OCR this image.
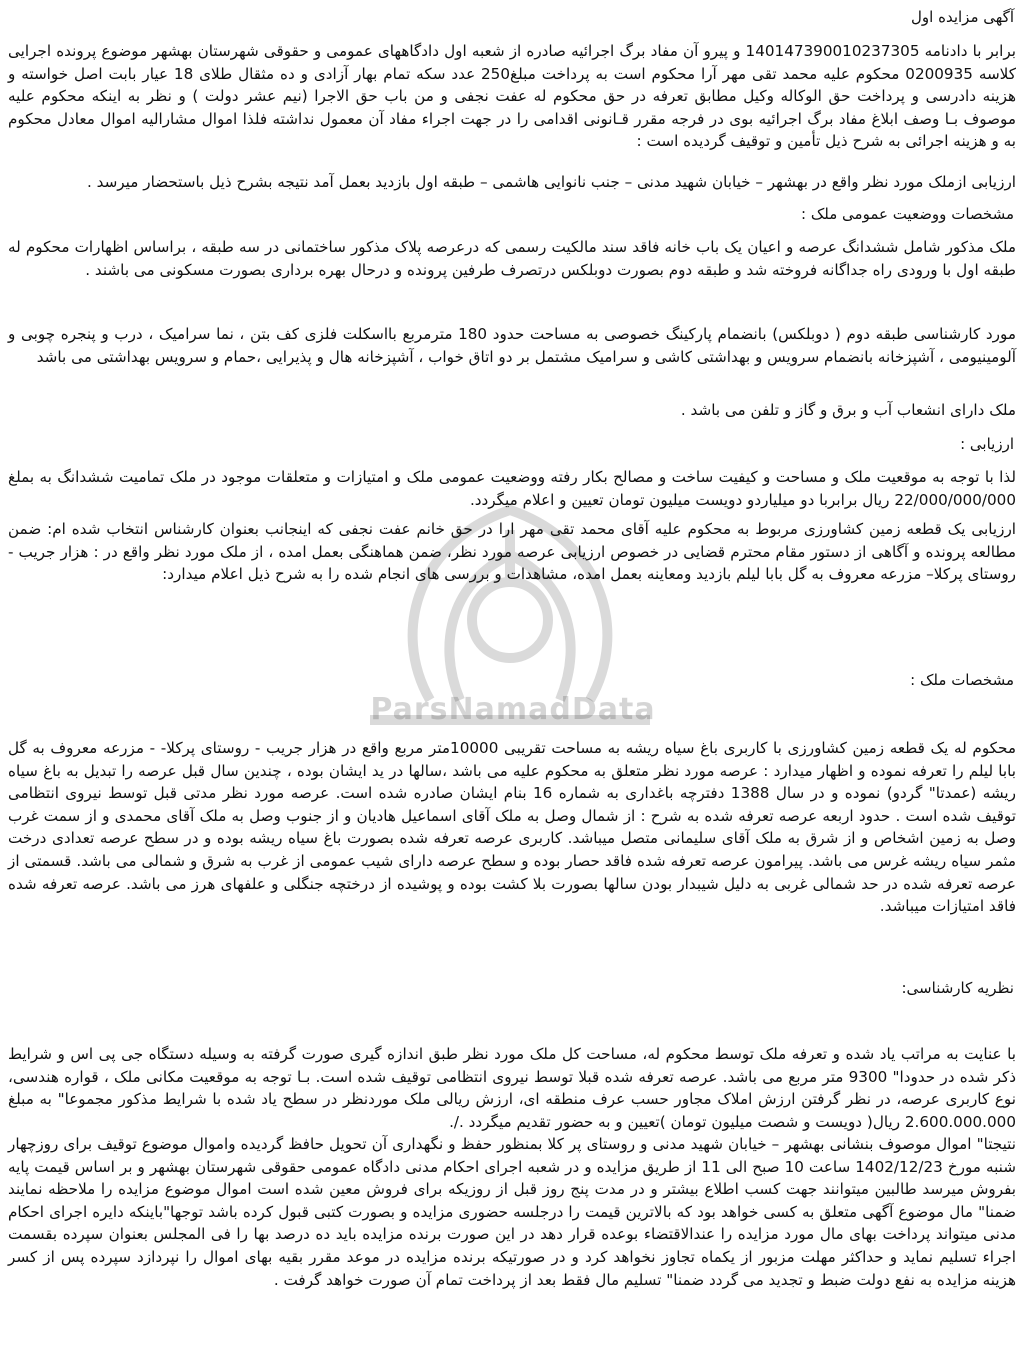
ParsNamadData
آگهی مزایده اول

برابر با دادنامه 140147390010237305 و پیرو آن مفاد برگ اجرائیه صادره از شعبه اول دادگاههای عمومی و حقوقی شهرستان بهشهر موضوع پرونده اجرایی کلاسه 0200935 محکوم علیه محمد تقی مهر آرا محکوم است به پرداخت مبلغ250 عدد سکه تمام بهار آزادی و ده مثقال طلای 18 عیار بابت اصل خواسته و هزینه دادرسی و پرداخت حق الوکاله وکیل مطابق تعرفه در حق محکوم له عفت نجفی و من باب حق الاجرا (نیم عشر دولت ) و نظر به اینکه محکوم علیه موصوف بـا وصف ابلاغ مفاد برگ اجرائیه بوی در فرجه مقرر قـانونی اقدامی را در جهت اجراء مفاد آن معمول نداشته فلذا اموال مشارالیه اموال معادل محکوم به و هزینه اجرائی به شرح ذیل تأمین و توقیف گردیده است :

ارزیابی ازملک مورد نظر واقع در بهشهر – خیابان شهید مدنی – جنب نانوایی هاشمی – طبقه اول بازدید بعمل آمد نتیجه بشرح ذیل باستحضار میرسد .

مشخصات ووضعیت عمومی ملک :

ملک مذکور شامل ششدانگ عرصه و اعیان یک باب خانه فاقد سند مالکیت رسمی که درعرصه پلاک مذکور ساختمانی در سه طبقه ، براساس اظهارات محکوم له طبقه اول با ورودی راه جداگانه فروخته شد و طبقه دوم بصورت دوبلکس درتصرف طرفین پرونده و درحال بهره برداری بصورت مسکونی می باشند .

مورد کارشناسی طبقه دوم ( دوبلکس) بانضمام پارکینگ خصوصی به مساحت حدود 180 مترمربع بااسکلت فلزی کف بتن ، نما سرامیک ، درب و پنجره چوبی و آلومینیومی ، آشپزخانه بانضمام سرویس و بهداشتی کاشی و سرامیک مشتمل بر دو اتاق خواب ، آشپزخانه هال و پذیرایی ،حمام و سرویس بهداشتی می باشد

ملک دارای انشعاب آب و برق و گاز و تلفن می باشد .

ارزیابی :

لذا با توجه به موقعیت ملک و مساحت و کیفیت ساخت و مصالح بکار رفته ووضعیت عمومی ملک و امتیازات و متعلقات موجود در ملک تمامیت ششدانگ به بملغ 22/000/000/000 ریال برابربا دو میلیاردو دویست میلیون تومان تعیین و اعلام میگردد.

ارزیابی یک قطعه زمین کشاورزی مربوط به محکوم علیه آقای محمد تقی مهر ارا در حق خانم عفت نجفی که اینجانب بعنوان کارشناس انتخاب شده ام: ضمن مطالعه پرونده و آگاهی از دستور مقام محترم قضایی در خصوص ارزیابی عرصه مورد نظر، ضمن هماهنگی بعمل امده ، از ملک مورد نظر واقع در : هزار جریب - روستای پرکلا– مزرعه معروف به گل بابا لیلم بازدید ومعاینه بعمل امده، مشاهدات و بررسی های انجام شده را به شرح ذیل اعلام میدارد:

مشخصات ملک :

محکوم له یک قطعه زمین کشاورزی با کاربری باغ سیاه ریشه به مساحت تقریبی 10000متر مربع واقع در هزار جریب - روستای پرکلا- - مزرعه معروف به گل بابا لیلم را تعرفه نموده و اظهار میدارد : عرصه مورد نظر متعلق به محکوم علیه می باشد ،سالها در ید ایشان بوده ، چندین سال قبل عرصه را تبدیل به باغ سیاه ریشه (عمدتا" گردو) نموده و در سال 1388 دفترچه باغداری به شماره 16 بنام ایشان صادره شده است. عرصه مورد نظر مدتی قبل توسط نیروی انتظامی توقیف شده است . حدود اربعه عرصه تعرفه شده به شرح : از شمال وصل به ملک آقای اسماعیل هادیان و از جنوب وصل به ملک آقای محمدی و از سمت غرب وصل به زمین اشخاص و از شرق به ملک آقای سلیمانی متصل میباشد. کاربری عرصه تعرفه شده بصورت باغ سیاه ریشه بوده و در سطح عرصه تعدادی درخت مثمر سیاه ریشه غرس می باشد. پیرامون عرصه تعرفه شده فاقد حصار بوده و سطح عرصه دارای شیب عمومی از غرب به شرق و شمالی می باشد. قسمتی از عرصه تعرفه شده در حد شمالی غربی به دلیل شیبدار بودن سالها بصورت بلا کشت بوده و پوشیده از درختچه جنگلی و علفهای هرز می باشد. عرصه تعرفه شده فاقد امتیازات میباشد.

نظریه کارشناسی:

با عنایت به مراتب یاد شده و تعرفه ملک توسط محکوم له، مساحت کل ملک مورد نظر طبق اندازه گیری صورت گرفته به وسیله دستگاه جی پی اس و شرایط ذکر شده در حدودا" 9300 متر مربع می باشد. عرصه تعرفه شده قبلا توسط نیروی انتظامی توقیف شده است. بـا توجه به موقعیت مکانی ملک ، قواره هندسی، نوع کاربری عرصه، در نظر گرفتن ارزش املاک مجاور حسب عرف منطقه ای، ارزش ریالی ملک موردنظر در سطح یاد شده با شرایط مذکور مجموعا" به مبلغ 2.600.000.000 ریال( دویست و شصت میلیون تومان )تعیین و به حضور تقدیم میگردد ./.

نتیجتا" اموال موصوف بنشانی بهشهر – خیابان شهید مدنی و روستای پر کلا بمنظور حفظ و نگهداری آن تحویل حافظ گردیده واموال موضوع توقیف برای روزچهار شنبه مورخ 1402/12/23 ساعت 10 صبح الی 11 از طریق مزایده و در شعبه اجرای احکام مدنی دادگاه عمومی حقوقی شهرستان بهشهر و بر اساس قیمت پایه بفروش میرسد طالبین میتوانند جهت کسب اطلاع بیشتر و در مدت پنج روز قبل از روزیکه برای فروش معین شده است اموال موضوع مزایده را ملاحظه نمایند ضمنا" مال موضوع آگهی متعلق به کسی خواهد بود که بالاترین قیمت را درجلسه حضوری مزایده و بصورت کتبی قبول کرده باشد توجها"باینکه دایره اجرای احکام مدنی میتواند پرداخت بهای مال مورد مزایده را عندالاقتضاء بوعده قرار دهد در این صورت برنده مزایده باید ده درصد بها را فی المجلس بعنوان سپرده بقسمت اجراء تسلیم نماید و حداکثر مهلت مزبور از یکماه تجاوز نخواهد کرد و در صورتیکه برنده مزایده در موعد مقرر بقیه بهای اموال را نپردازد سپرده پس از کسر هزینه مزایده به نفع دولت ضبط و تجدید می گردد ضمنا" تسلیم مال فقط بعد از پرداخت تمام آن صورت خواهد گرفت .
